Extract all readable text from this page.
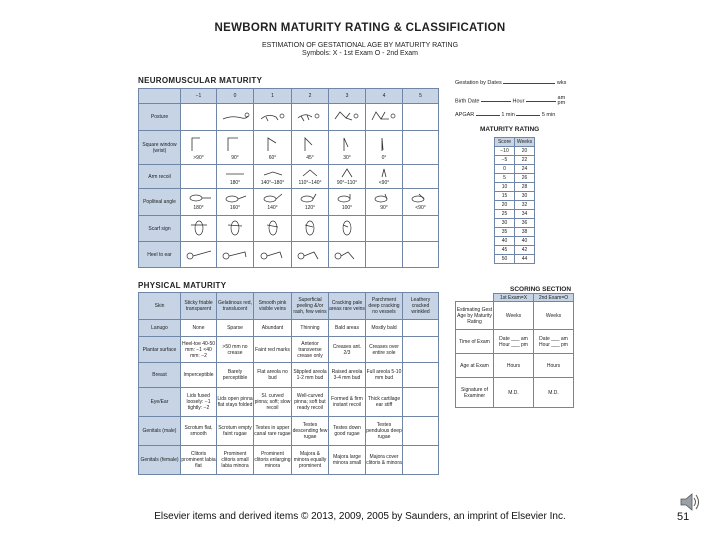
NEWBORN MATURITY RATING & CLASSIFICATION
ESTIMATION OF GESTATIONAL AGE BY MATURITY RATING
Symbols: X - 1st Exam O - 2nd Exam
NEUROMUSCULAR MATURITY
	−1	0	1	2	3	4	5
Posture							
Square window (wrist)	>90°	90°	60°	45°	30°	0°	

Arm recoil		180°	140°–180°	110°–140°	90°–110°	<90°	

Popliteal angle	180°	160°	140°	120°	100°	90°	<90°

Scarf sign							
Heel to ear							
Gestation by Dates	wks
Birth Date	Hour  am
pm
APGAR	1 min	5 min
MATURITY RATING
Score	Weeks
−10	20
−5	22
0	24
5	26
10	28
15	30
20	32
25	34
30	36
35	38
40	40
45	42
50	44
PHYSICAL MATURITY
Skin	Sticky friable transparent	Gelatinous red, translucent	Smooth pink visible veins	Superficial peeling &/or rash, few veins	Cracking pale areas rare veins	Parchment deep cracking no vessels	Leathery cracked wrinkled
Lanugo	None	Sparse	Abundant	Thinning	Bald areas	Mostly bald	
Plantar surface	Heel-toe 40-50 mm: −1 <40 mm: −2	>50 mm no crease	Faint red marks	Anterior transverse crease only	Creases ant. 2/3	Creases over entire sole	
Breast	Imperceptible	Barely perceptible	Flat areola no bud	Stippled areola 1-2 mm bud	Raised areola 3-4 mm bud	Full areola 5-10 mm bud	
Eye/Ear	Lids fused loosely: −1 tightly: −2	Lids open pinna flat stays folded	Sl. curved pinna; soft; slow recoil	Well-curved pinna; soft but ready recoil	Formed & firm instant recoil	Thick cartilage ear stiff	
Genitals (male)	Scrotum flat, smooth	Scrotum empty faint rugae	Testes in upper canal rare rugae	Testes descending few rugae	Testes down good rugae	Testes pendulous deep rugae	
Genitals (female)	Clitoris prominent labia flat	Prominent clitoris small labia minora	Prominent clitoris enlarging minora	Majora & minora equally prominent	Majora large minora small	Majora cover clitoris & minora	
SCORING SECTION
	1st Exam=X	2nd Exam=O
Estimating Gest Age by Maturity Rating	Weeks	Weeks
Time of Exam	Date ___ am Hour ___ pm	Date ___ am Hour ___ pm
Age at Exam	Hours	Hours
Signature of Examiner	M.D.	M.D.
Elsevier items and derived items © 2013, 2009, 2005 by Saunders, an imprint of Elsevier Inc.	51
